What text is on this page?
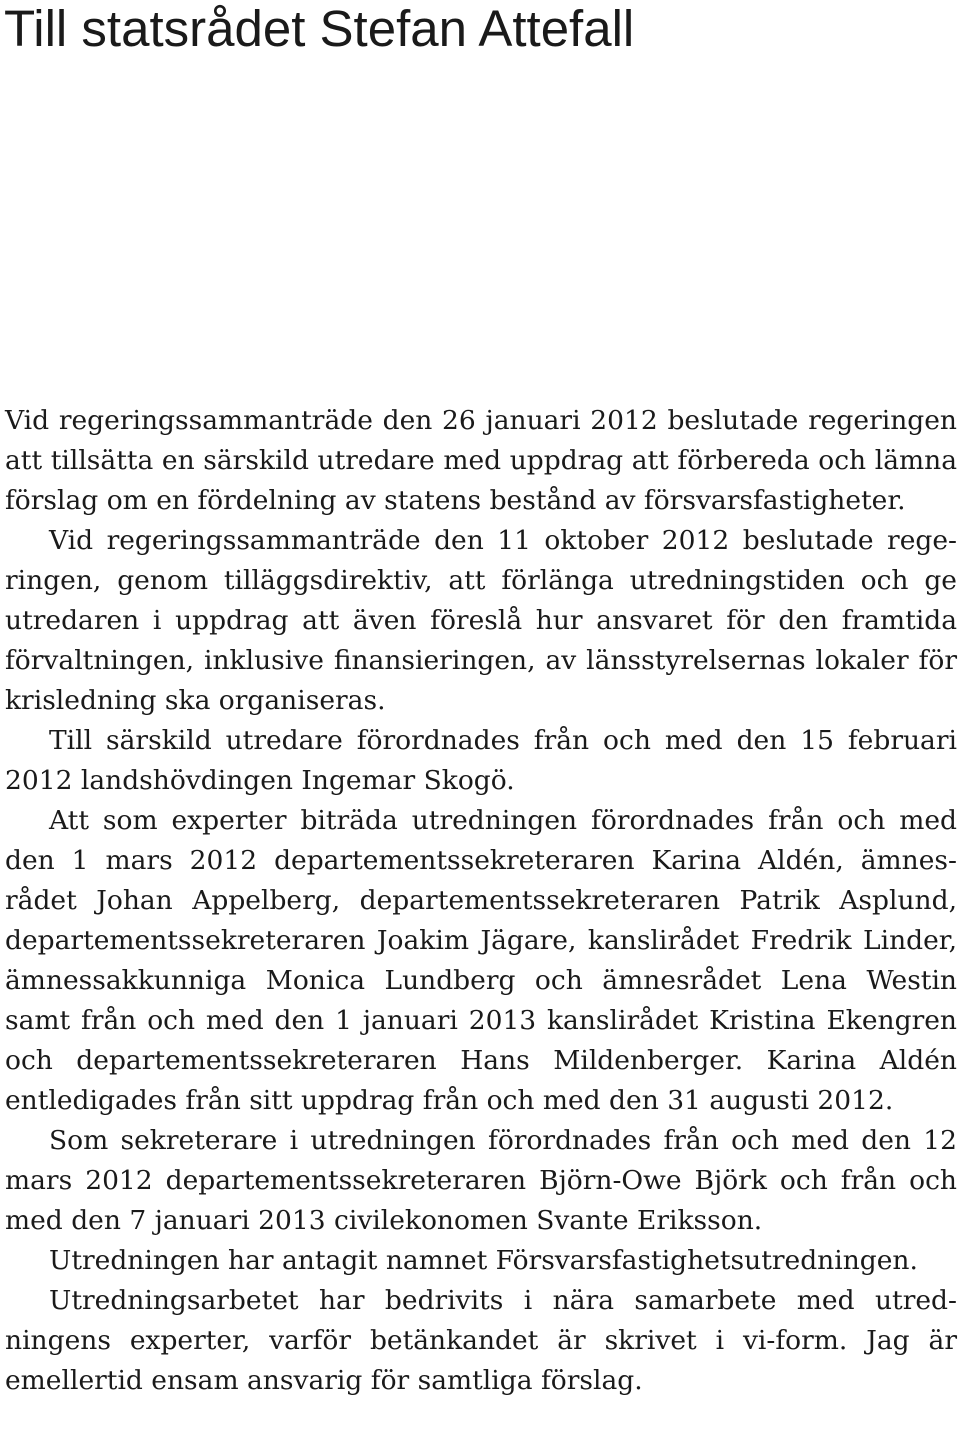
Till statsrådet Stefan Attefall

Vid regeringssammanträde den 26 januari 2012 beslutade regeringen att tillsätta en särskild utredare med uppdrag att förbereda och lämna förslag om en fördelning av statens bestånd av försvarsfastigheter.

Vid regeringssammanträde den 11 oktober 2012 beslutade regeringen, genom tilläggsdirektiv, att förlänga utredningstiden och ge utredaren i uppdrag att även föreslå hur ansvaret för den framtida förvaltningen, inklusive finansieringen, av länsstyrelsernas lokaler för krisledning ska organiseras.

Till särskild utredare förordnades från och med den 15 februari 2012 landshövdingen Ingemar Skogö.

Att som experter biträda utredningen förordnades från och med den 1 mars 2012 departementssekreteraren Karina Aldén, ämnesrådet Johan Appelberg, departementssekreteraren Patrik Asplund, departementssekreteraren Joakim Jägare, kanslirådet Fredrik Linder, ämnessakkunniga Monica Lundberg och ämnesrådet Lena Westin samt från och med den 1 januari 2013 kanslirådet Kristina Ekengren och departementssekreteraren Hans Mildenberger. Karina Aldén entledigades från sitt uppdrag från och med den 31 augusti 2012.

Som sekreterare i utredningen förordnades från och med den 12 mars 2012 departementssekreteraren Björn-Owe Björk och från och med den 7 januari 2013 civilekonomen Svante Eriksson.

Utredningen har antagit namnet Försvarsfastighetsutredningen.

Utredningsarbetet har bedrivits i nära samarbete med utredningens experter, varför betänkandet är skrivet i vi-form. Jag är emellertid ensam ansvarig för samtliga förslag.
